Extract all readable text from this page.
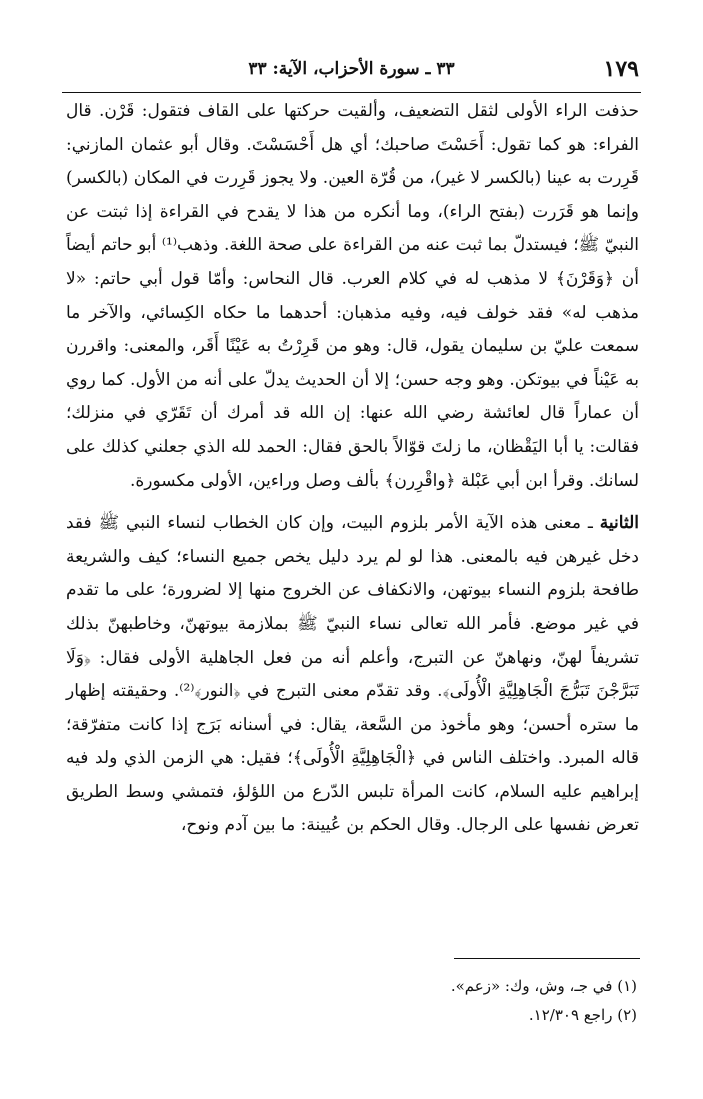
١٧٩
٣٣ ـ سورة الأحزاب، الآية: ٣٣

حذفت الراء الأولى لثقل التضعيف، وألقيت حركتها على القاف فتقول: قَرْن. قال الفراء: هو كما تقول: أَحَسْتَ صاحبك؛ أي هل أَحْسَسْتَ. وقال أبو عثمان المازني: قَرِرت به عينا (بالكسر لا غير)، من قُرّة العين. ولا يجوز قَرِرت في المكان (بالكسر) وإنما هو قَرَرت (بفتح الراء)، وما أنكره من هذا لا يقدح في القراءة إذا ثبتت عن النبيّ ﷺ؛ فيستدلّ بما ثبت عنه من القراءة على صحة اللغة. وذهب⁽¹⁾ أبو حاتم أيضاً أن ﴿وَقَرْنَ﴾ لا مذهب له في كلام العرب. قال النحاس: وأمّا قول أبي حاتم: «لا مذهب له» فقد خولف فيه، وفيه مذهبان: أحدهما ما حكاه الكِسائي، والآخر ما سمعت عليّ بن سليمان يقول، قال: وهو من قَرِرْتُ به عَيْنًا أَقَر، والمعنى: واقررن به عَيْناً في بيوتكن. وهو وجه حسن؛ إلا أن الحديث يدلّ على أنه من الأول. كما روي أن عماراً قال لعائشة رضي الله عنها: إن الله قد أمرك أن تَقَرّي في منزلك؛ فقالت: يا أبا اليَقْظان، ما زلتَ قوّالاً بالحق فقال: الحمد لله الذي جعلني كذلك على لسانك. وقرأ ابن أبي عَبْلة ﴿واقْرِرن﴾ بألف وصل وراءين، الأولى مكسورة.

الثانية ـ معنى هذه الآية الأمر بلزوم البيت، وإن كان الخطاب لنساء النبي ﷺ فقد دخل غيرهن فيه بالمعنى. هذا لو لم يرد دليل يخص جميع النساء؛ كيف والشريعة طافحة بلزوم النساء بيوتهن، والانكفاف عن الخروج منها إلا لضرورة؛ على ما تقدم في غير موضع. فأمر الله تعالى نساء النبيّ ﷺ بملازمة بيوتهنّ، وخاطبهنّ بذلك تشريفاً لهنّ، ونهاهنّ عن التبرج، وأعلم أنه من فعل الجاهلية الأولى فقال: ﴿وَلَا تَبَرَّجْنَ تَبَرُّجَ الْجَاهِلِيَّةِ الْأُولَى﴾. وقد تقدّم معنى التبرج في ﴿النور﴾⁽²⁾. وحقيقته إظهار ما ستره أحسن؛ وهو مأخوذ من السَّعة، يقال: في أسنانه بَرَج إذا كانت متفرّقة؛ قاله المبرد. واختلف الناس في ﴿الْجَاهِلِيَّةِ الْأُولَى﴾؛ فقيل: هي الزمن الذي ولد فيه إبراهيم عليه السلام، كانت المرأة تلبس الدّرع من اللؤلؤ، فتمشي وسط الطريق تعرض نفسها على الرجال. وقال الحكم بن عُيينة: ما بين آدم ونوح،

(١) في جـ، وش، وك: «زعم».

(٢) راجع ١٢/٣٠٩.
